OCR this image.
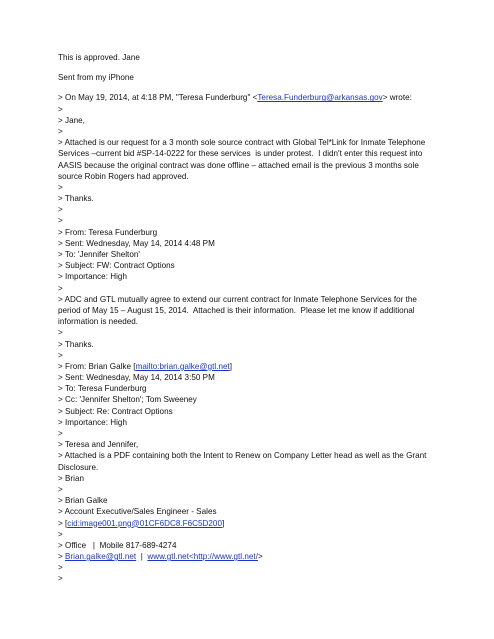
This is approved. Jane
Sent from my iPhone
> On May 19, 2014, at 4:18 PM, "Teresa Funderburg" <Teresa.Funderburg@arkansas.gov> wrote:
>
> Jane,
>
> Attached is our request for a 3 month sole source contract with Global Tel*Link for Inmate Telephone
Services –current bid #SP-14-0222 for these services  is under protest.  I didn't enter this request into
AASIS because the original contract was done offline – attached email is the previous 3 months sole
source Robin Rogers had approved.
>
> Thanks.
>
>
> From: Teresa Funderburg
> Sent: Wednesday, May 14, 2014 4:48 PM
> To: 'Jennifer Shelton'
> Subject: FW: Contract Options
> Importance: High
>
> ADC and GTL mutually agree to extend our current contract for Inmate Telephone Services for the
period of May 15 – August 15, 2014.  Attached is their information.  Please let me know if additional
information is needed.
>
> Thanks.
>
> From: Brian Galke [mailto:brian.galke@gtl.net]
> Sent: Wednesday, May 14, 2014 3:50 PM
> To: Teresa Funderburg
> Cc: 'Jennifer Shelton'; Tom Sweeney
> Subject: Re: Contract Options
> Importance: High
>
> Teresa and Jennifer,
> Attached is a PDF containing both the Intent to Renew on Company Letter head as well as the Grant
Disclosure.
> Brian
>
> Brian Galke
> Account Executive/Sales Engineer - Sales
> [cid:image001.png@01CF6DC8.F6C5D200]
>
> Office   |  Mobile 817-689-4274
> Brian.galke@gtl.net  |  www.gtl.net<http://www.gtl.net/>
>
>
